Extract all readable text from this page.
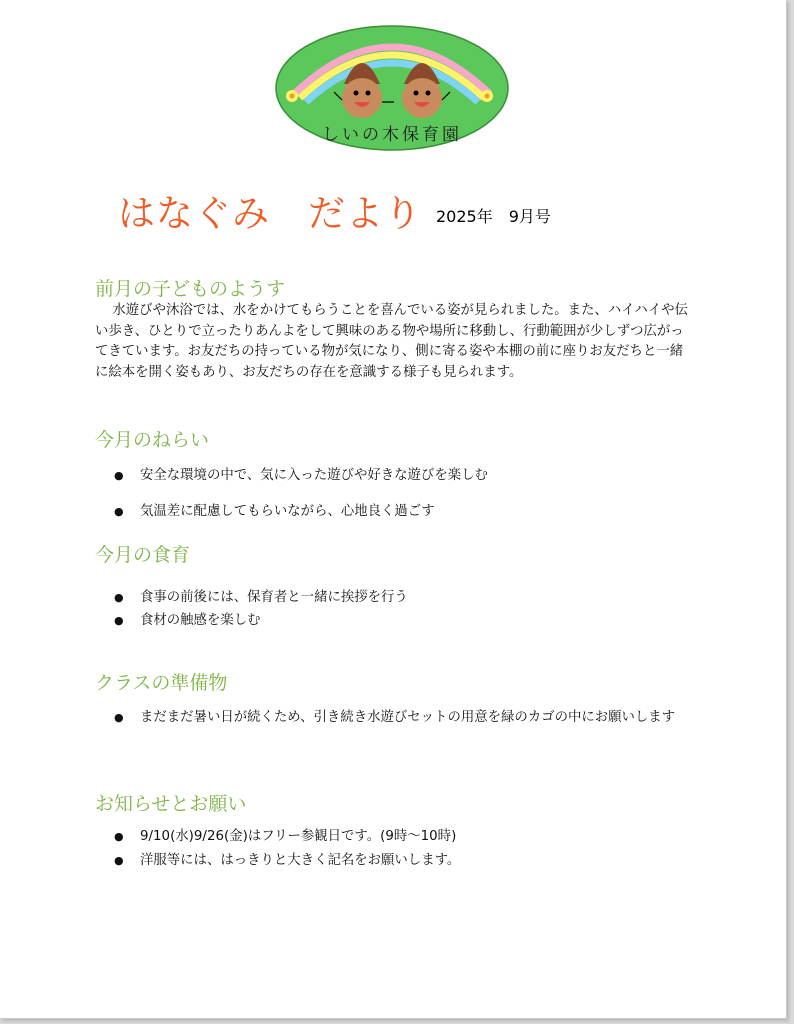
しいの木保育園
はなぐみ　だより 2025年　9月号
前月の子どものようす
水遊びや沐浴では、水をかけてもらうことを喜んでいる姿が見られました。また、ハイハイや伝い歩き、ひとりで立ったりあんよをして興味のある物や場所に移動し、行動範囲が少しずつ広がってきています。お友だちの持っている物が気になり、側に寄る姿や本棚の前に座りお友だちと一緒に絵本を開く姿もあり、お友だちの存在を意識する様子も見られます。
今月のねらい
●	安全な環境の中で、気に入った遊びや好きな遊びを楽しむ
●	気温差に配慮してもらいながら、心地良く過ごす
今月の食育
●	食事の前後には、保育者と一緒に挨拶を行う
●	食材の触感を楽しむ
クラスの準備物
●	まだまだ暑い日が続くため、引き続き水遊びセットの用意を緑のカゴの中にお願いします
お知らせとお願い
●	9/10(水)9/26(金)はフリー参観日です。(9時～10時)
●	洋服等には、はっきりと大きく記名をお願いします。
